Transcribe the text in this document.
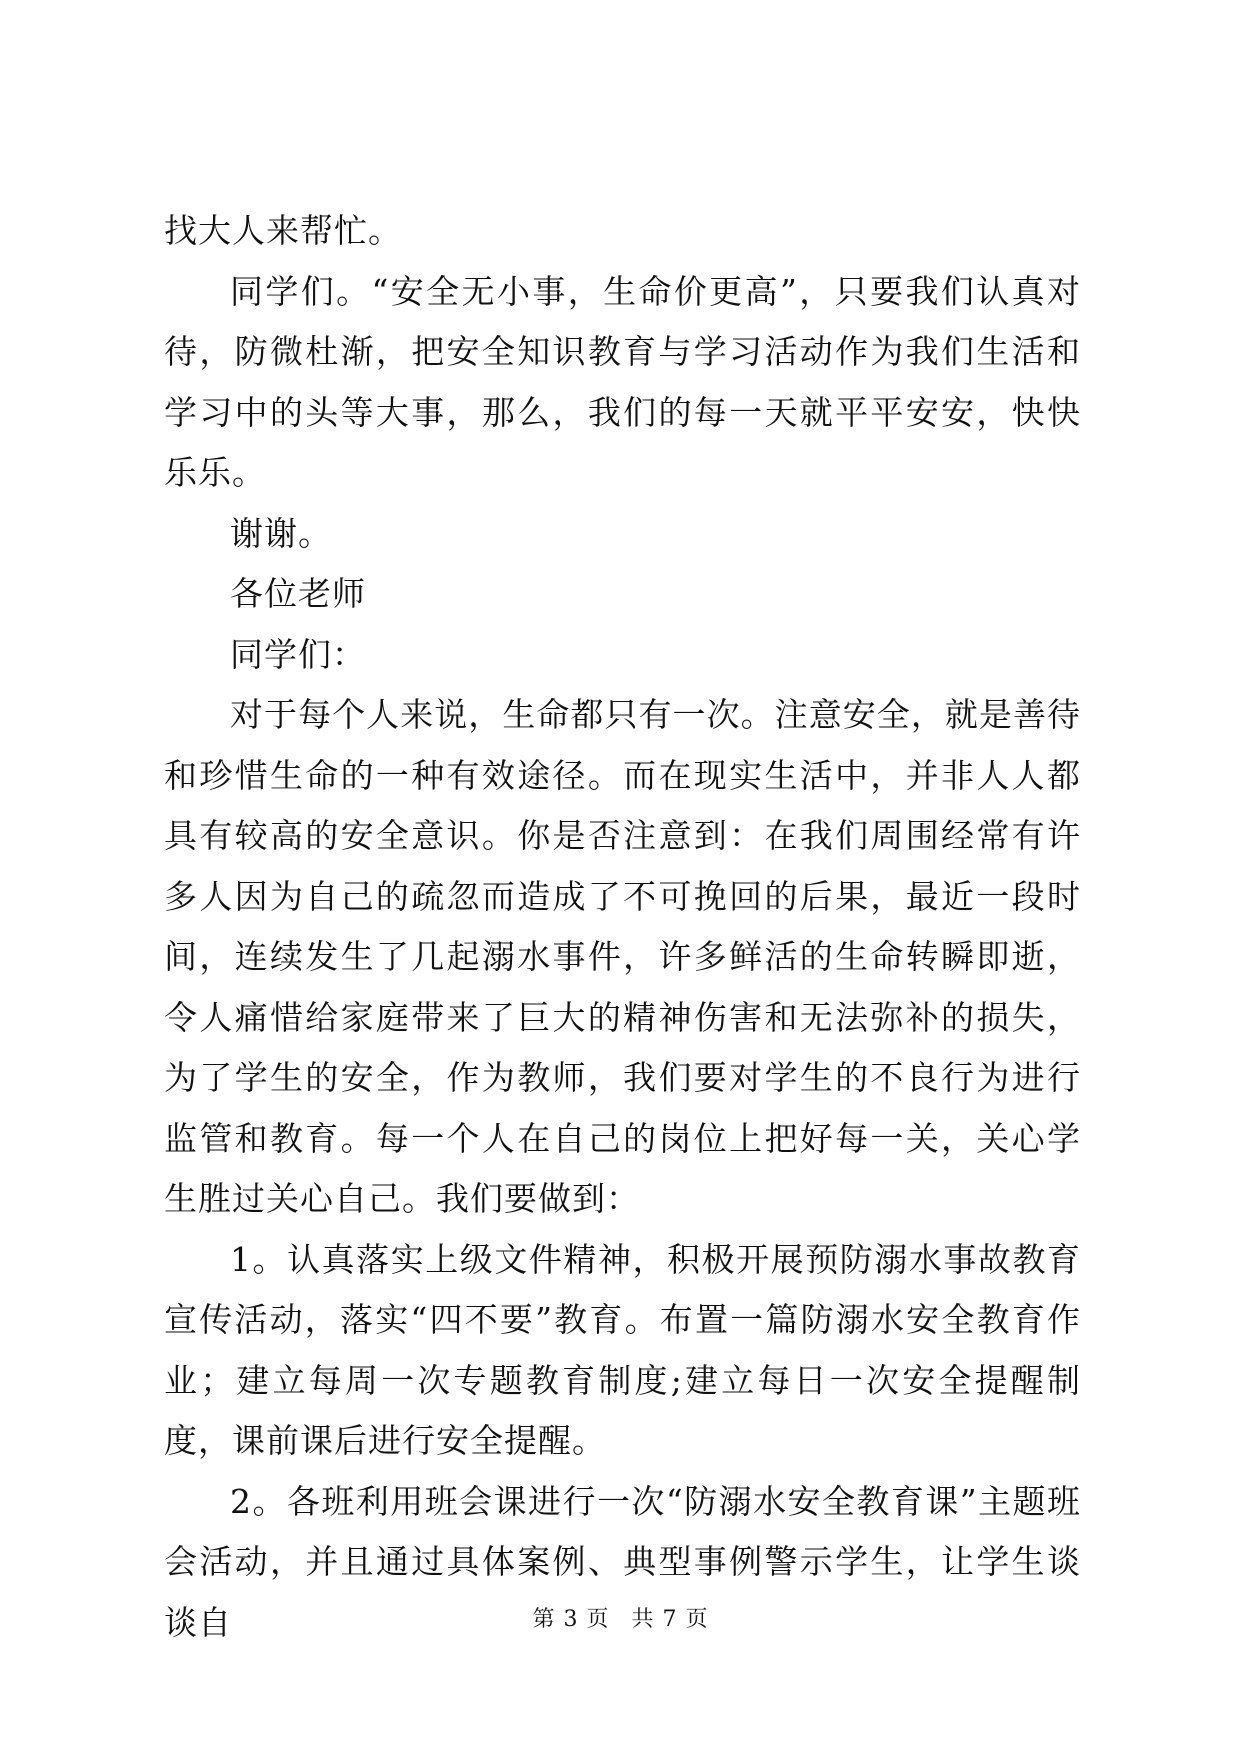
找大人来帮忙。

同学们。“安全无小事，生命价更高”，只要我们认真对待，防微杜渐，把安全知识教育与学习活动作为我们生活和学习中的头等大事，那么，我们的每一天就平平安安，快快乐乐。

谢谢。

各位老师

同学们：

对于每个人来说，生命都只有一次。注意安全，就是善待和珍惜生命的一种有效途径。而在现实生活中，并非人人都具有较高的安全意识。你是否注意到：在我们周围经常有许多人因为自己的疏忽而造成了不可挽回的后果，最近一段时间，连续发生了几起溺水事件，许多鲜活的生命转瞬即逝，令人痛惜给家庭带来了巨大的精神伤害和无法弥补的损失，为了学生的安全，作为教师，我们要对学生的不良行为进行监管和教育。每一个人在自己的岗位上把好每一关，关心学生胜过关心自己。我们要做到：

1。认真落实上级文件精神，积极开展预防溺水事故教育宣传活动，落实“四不要”教育。布置一篇防溺水安全教育作业；建立每周一次专题教育制度;建立每日一次安全提醒制度，课前课后进行安全提醒。

2。各班利用班会课进行一次“防溺水安全教育课”主题班会活动，并且通过具体案例、典型事例警示学生，让学生谈谈自	第 3 页 共 7 页
